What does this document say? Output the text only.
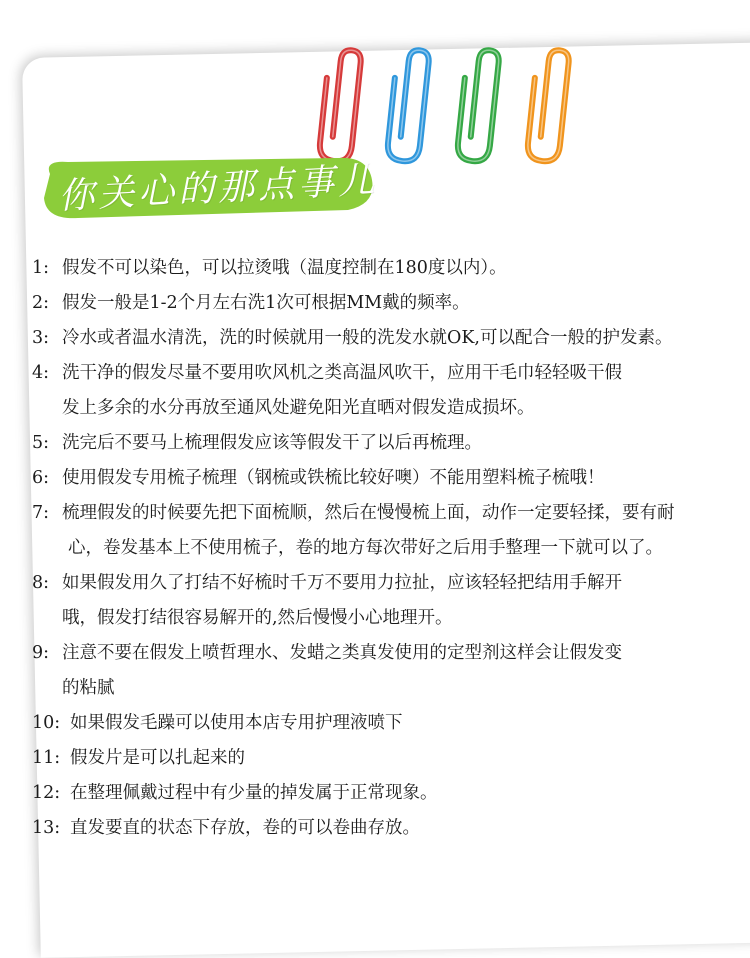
你关心的那点事儿
1: 假发不可以染色，可以拉烫哦（温度控制在180度以内）。
2: 假发一般是1-2个月左右洗1次可根据MM戴的频率。
3: 冷水或者温水清洗，洗的时候就用一般的洗发水就OK,可以配合一般的护发素。
4: 洗干净的假发尽量不要用吹风机之类高温风吹干，应用干毛巾轻轻吸干假
发上多余的水分再放至通风处避免阳光直晒对假发造成损坏。
5: 洗完后不要马上梳理假发应该等假发干了以后再梳理。
6: 使用假发专用梳子梳理（钢梳或铁梳比较好噢）不能用塑料梳子梳哦！
7: 梳理假发的时候要先把下面梳顺，然后在慢慢梳上面，动作一定要轻揉，要有耐
心，卷发基本上不使用梳子，卷的地方每次带好之后用手整理一下就可以了。
8: 如果假发用久了打结不好梳时千万不要用力拉扯，应该轻轻把结用手解开
哦，假发打结很容易解开的,然后慢慢小心地理开。
9: 注意不要在假发上喷哲理水、发蜡之类真发使用的定型剂这样会让假发变
的粘腻
10: 如果假发毛躁可以使用本店专用护理液喷下
11: 假发片是可以扎起来的
12: 在整理佩戴过程中有少量的掉发属于正常现象。
13: 直发要直的状态下存放，卷的可以卷曲存放。
